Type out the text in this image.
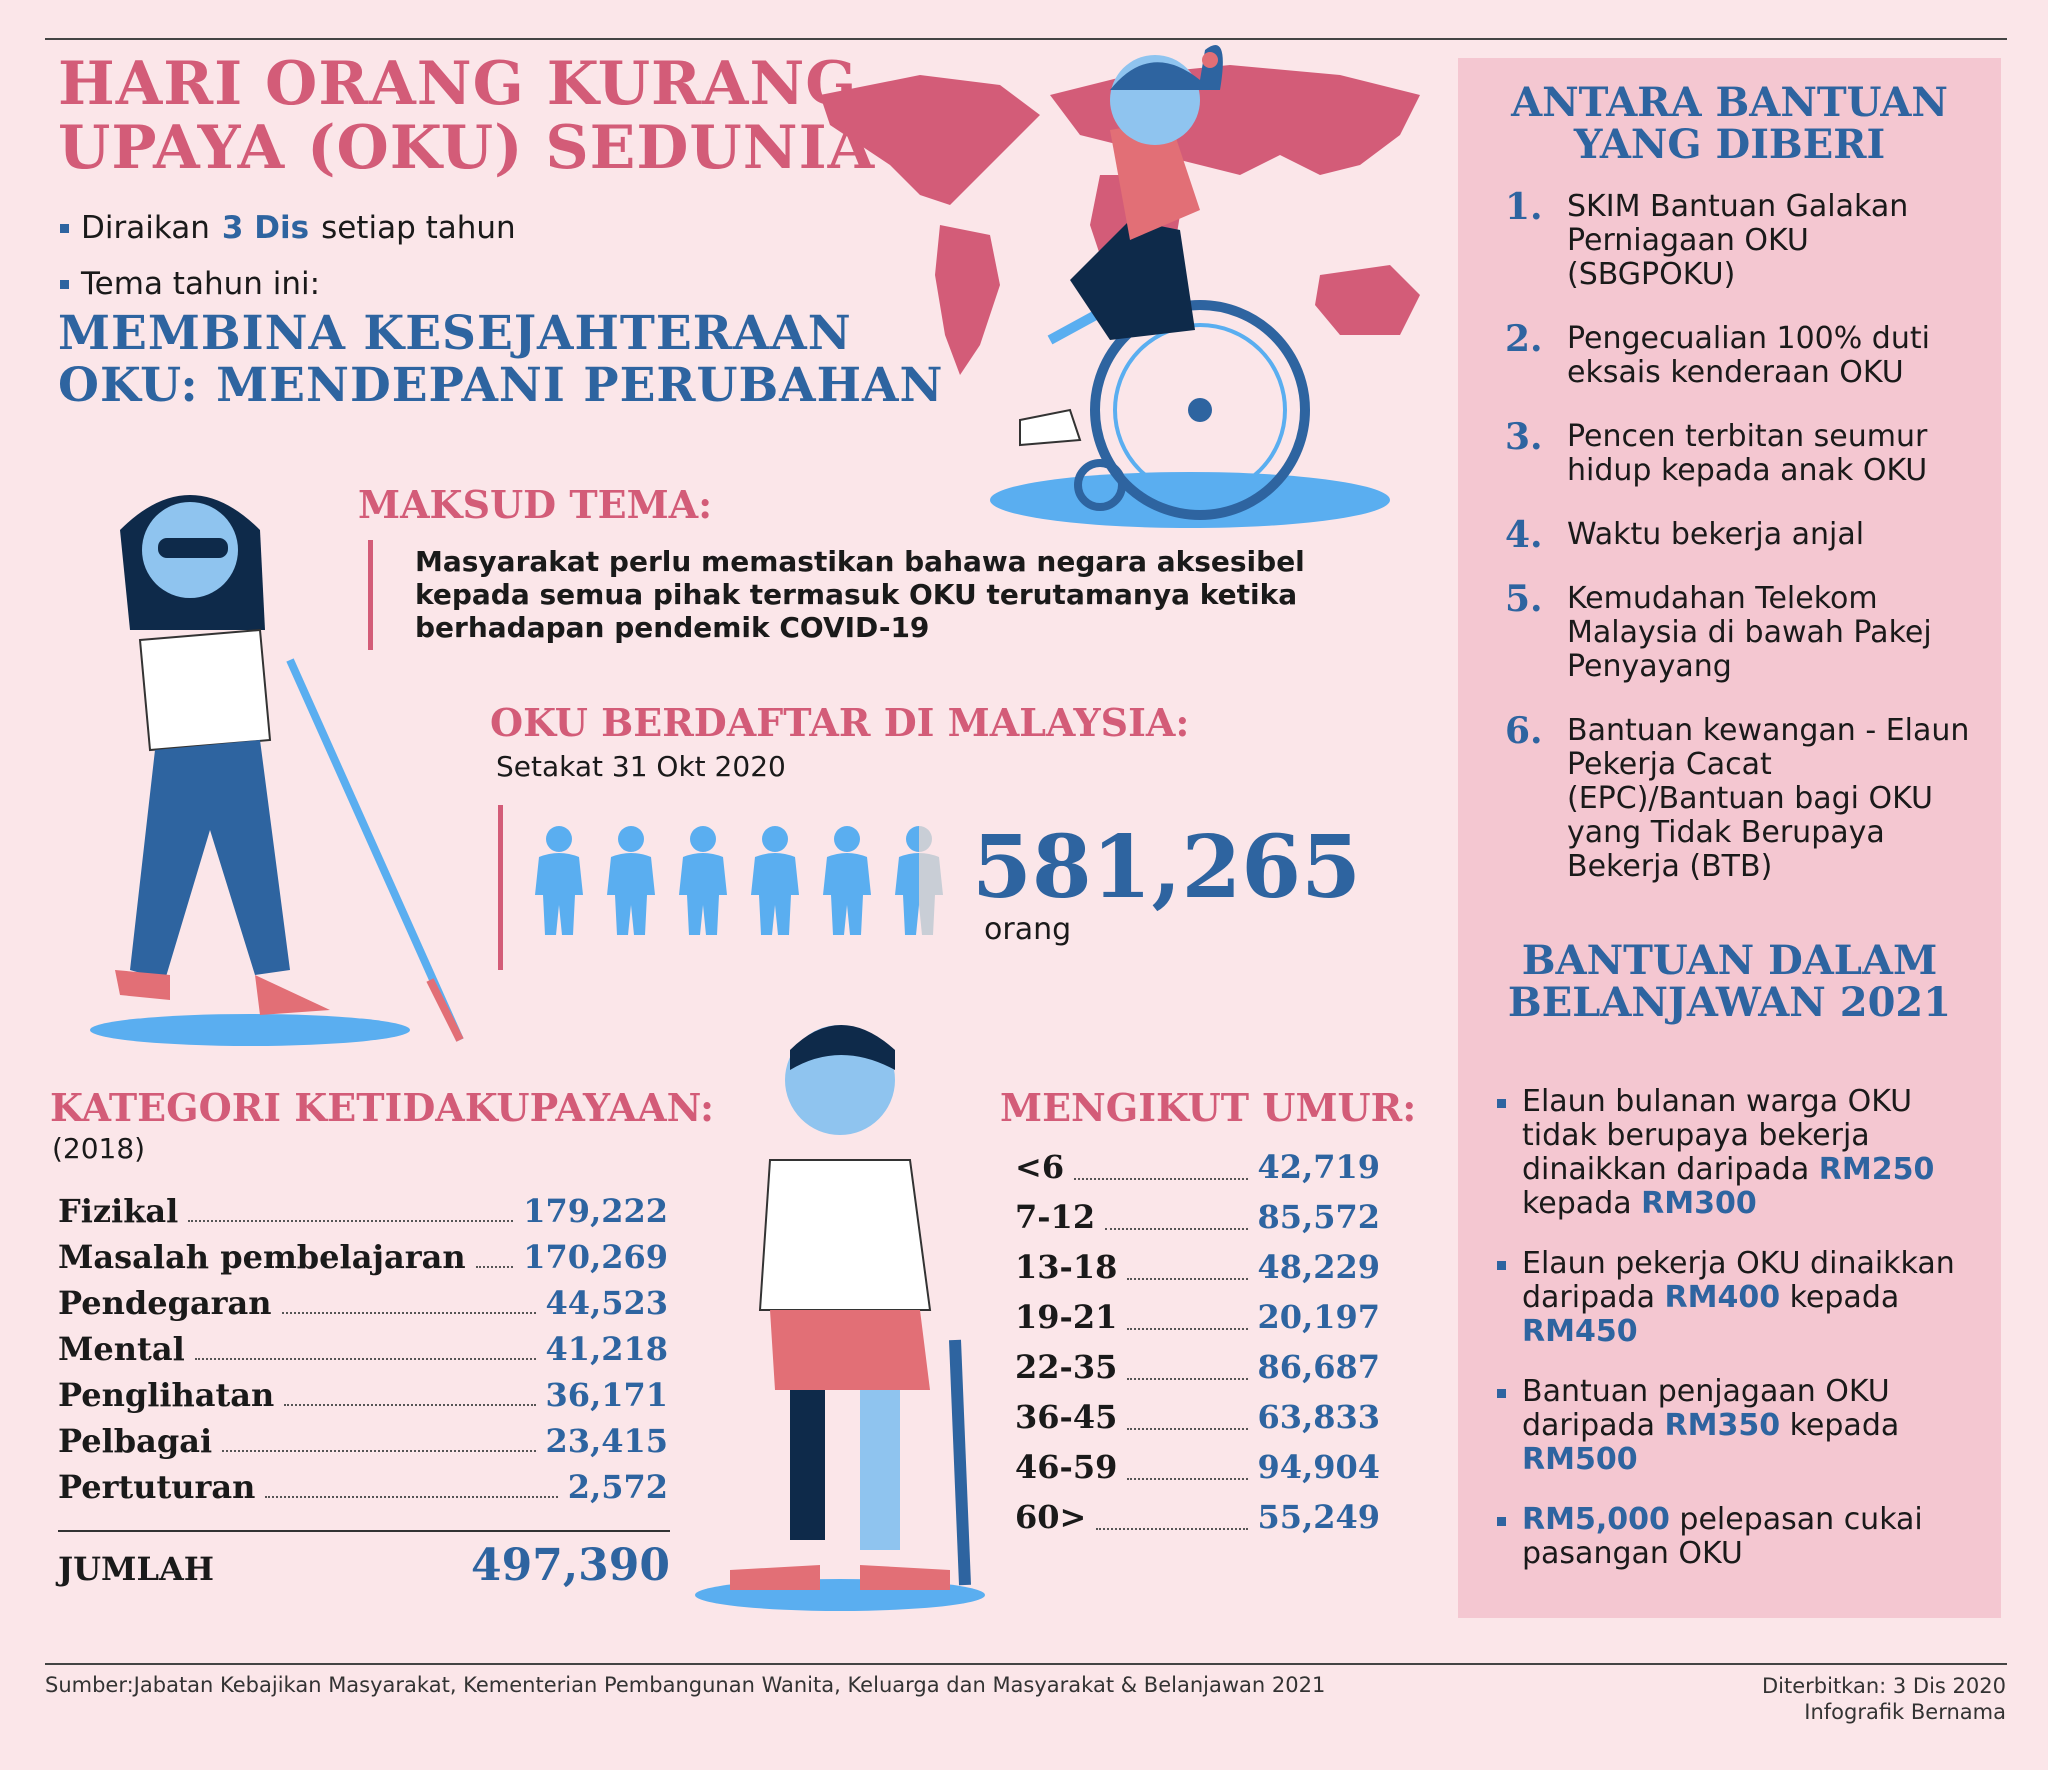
HARI ORANG KURANG
UPAYA (OKU) SEDUNIA
Diraikan 3 Dis setiap tahun
Tema tahun ini:
MEMBINA KESEJAHTERAAN
OKU: MENDEPANI PERUBAHAN
MAKSUD TEMA:
Masyarakat perlu memastikan bahawa negara aksesibel kepada semua pihak termasuk OKU terutamanya ketika berhadapan pendemik COVID-19
OKU BERDAFTAR DI MALAYSIA:
Setakat 31 Okt 2020
581,265
orang
KATEGORI KETIDAKUPAYAAN:
(2018)
Fizikal	179,222
Masalah pembelajaran 170,269
Pendegaran	44,523
Mental	41,218
Penglihatan	36,171
Pelbagai	23,415
Pertuturan	2,572
JUMLAH	497,390
MENGIKUT UMUR:
<6	42,719
7-12	85,572
13-18	48,229
19-21	20,197
22-35	86,687
36-45	63,833
46-59	94,904
60>	55,249
ANTARA BANTUAN
YANG DIBERI
1. SKIM Bantuan Galakan Perniagaan OKU (SBGPOKU)
2. Pengecualian 100% duti eksais kenderaan OKU
3. Pencen terbitan seumur hidup kepada anak OKU
4. Waktu bekerja anjal
5. Kemudahan Telekom Malaysia di bawah Pakej Penyayang
6. Bantuan kewangan - Elaun Pekerja Cacat (EPC)/Bantuan bagi OKU yang Tidak Berupaya Bekerja (BTB)
BANTUAN DALAM
BELANJAWAN 2021
Elaun bulanan warga OKU tidak berupaya bekerja dinaikkan daripada RM250 kepada RM300
Elaun pekerja OKU dinaikkan daripada RM400 kepada RM450
Bantuan penjagaan OKU daripada RM350 kepada RM500
RM5,000 pelepasan cukai pasangan OKU
Sumber:Jabatan Kebajikan Masyarakat, Kementerian Pembangunan Wanita, Keluarga dan Masyarakat & Belanjawan 2021	Diterbitkan: 3 Dis 2020
Infografik Bernama
